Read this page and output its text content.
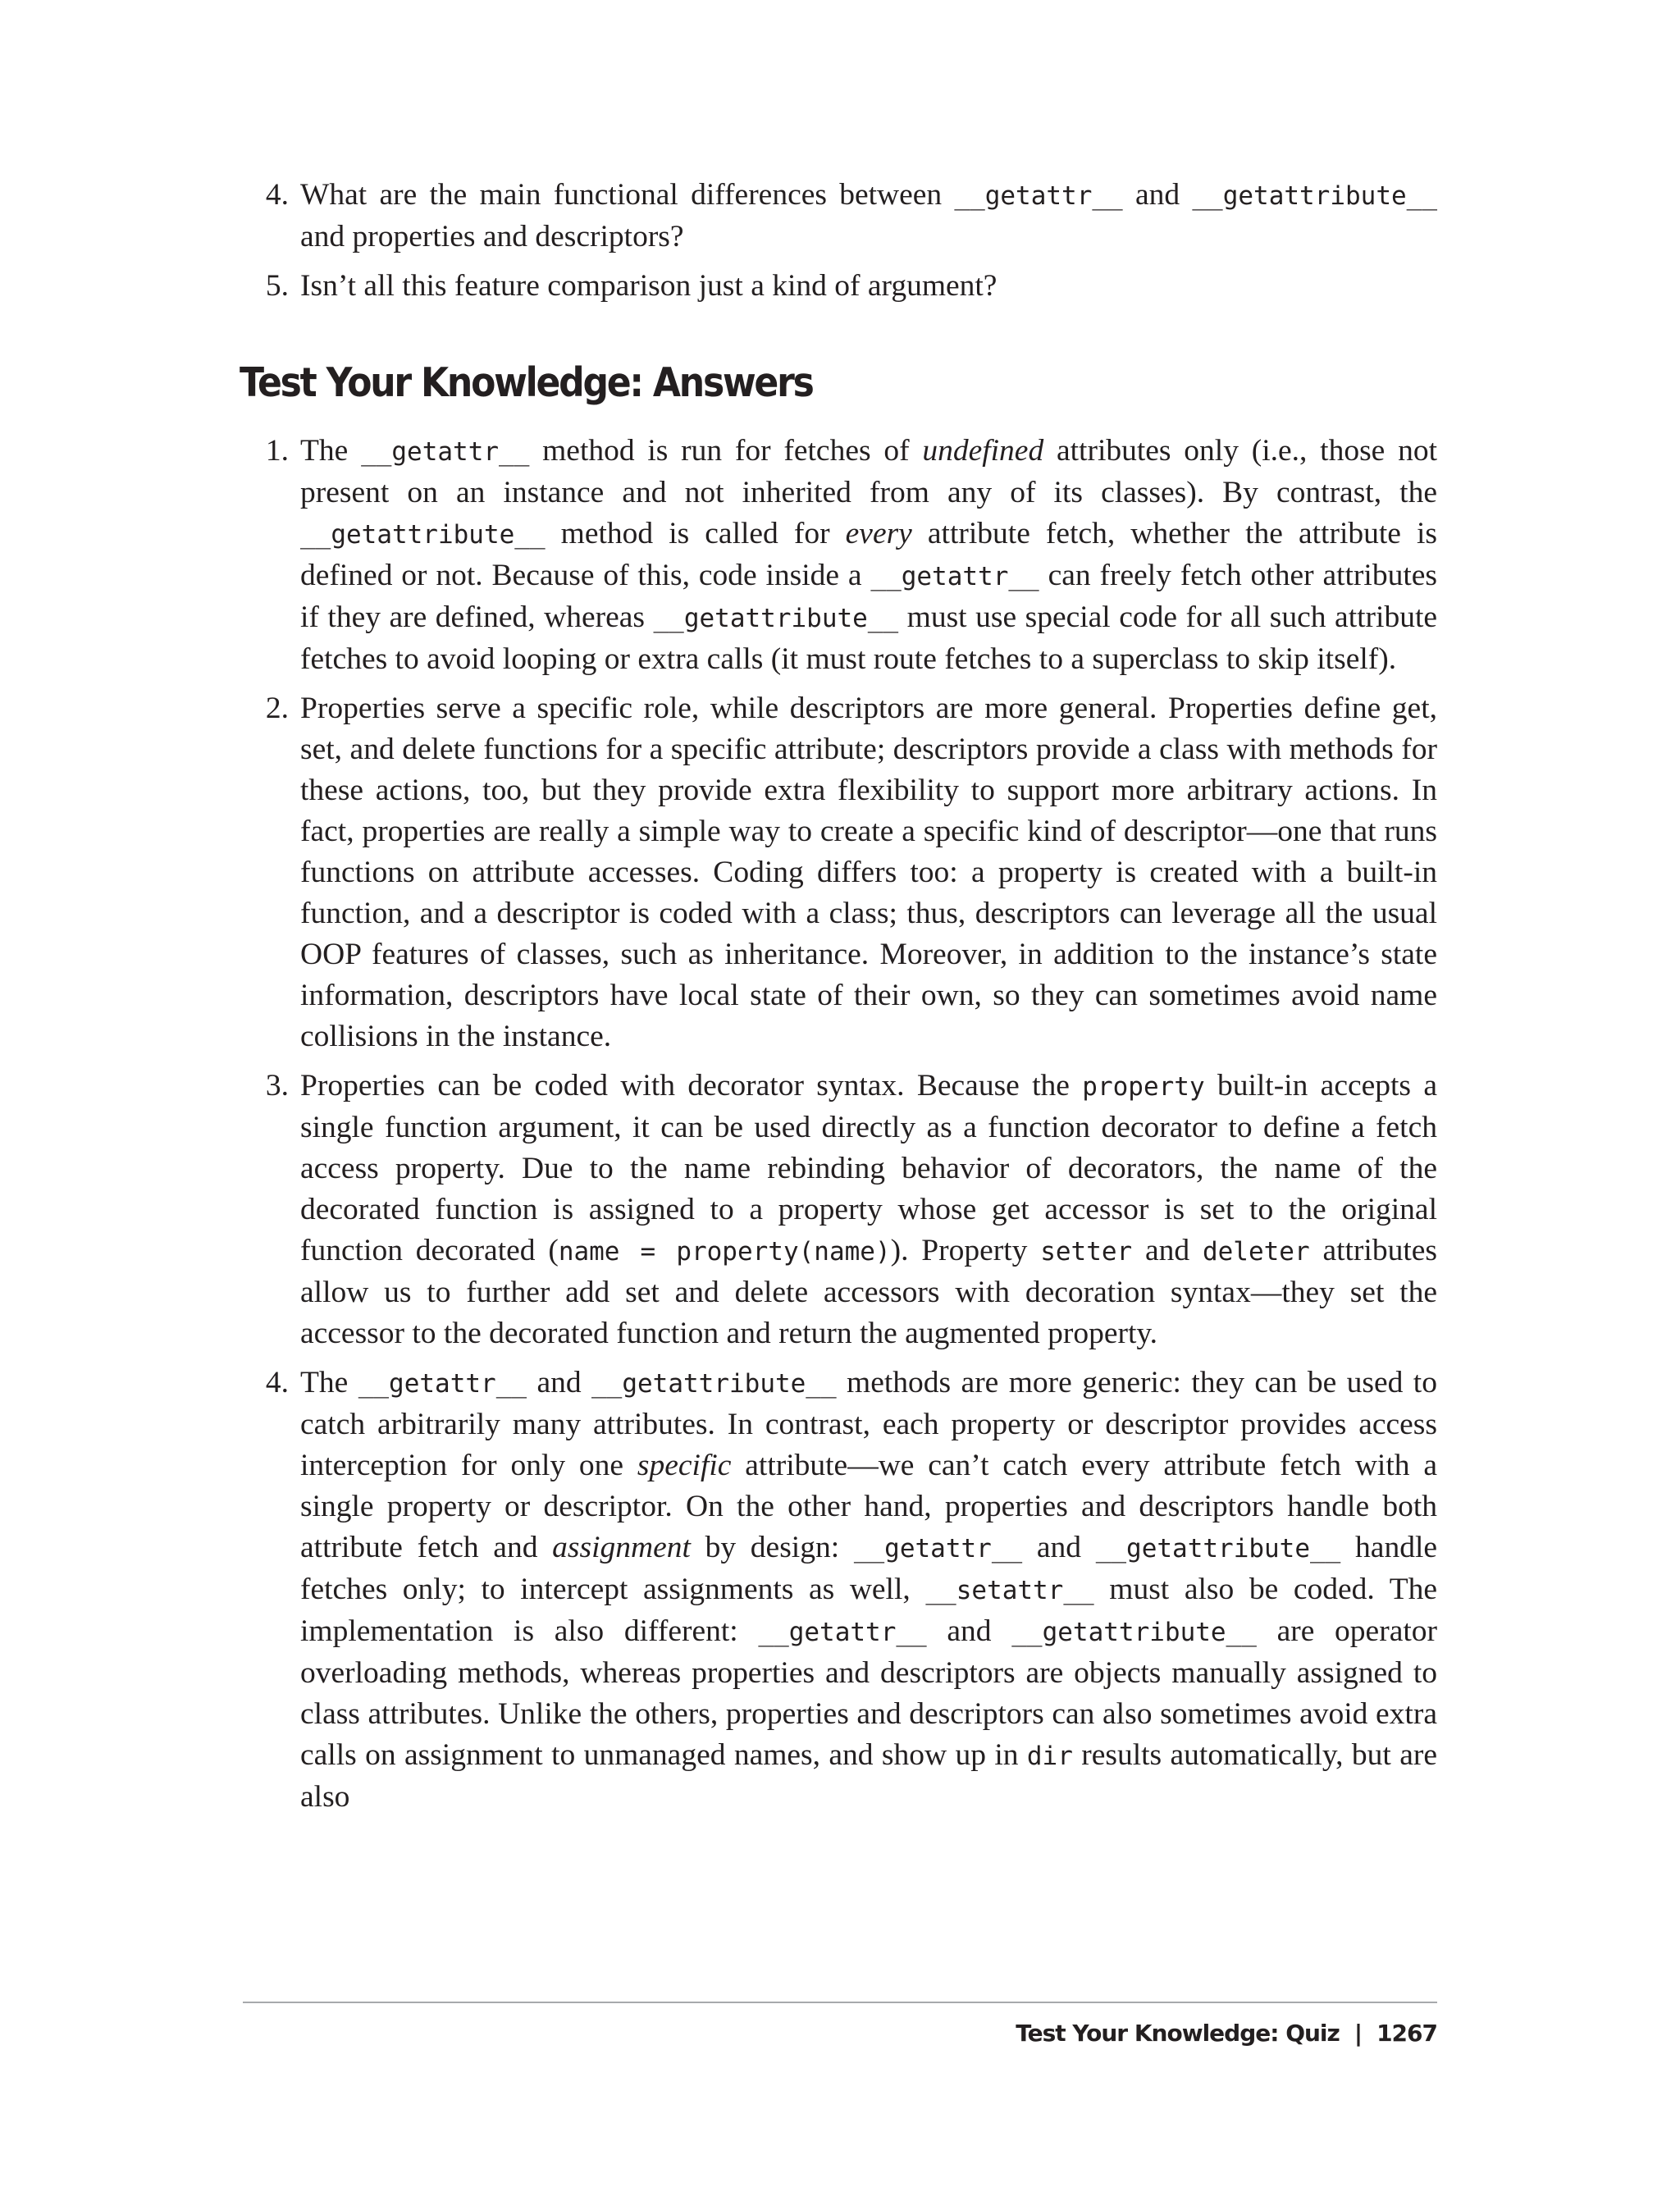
4. What are the main functional differences between __getattr__ and __getattribute__ and properties and descriptors?
5. Isn’t all this feature comparison just a kind of argument?
Test Your Knowledge: Answers
1. The __getattr__ method is run for fetches of undefined attributes only (i.e., those not present on an instance and not inherited from any of its classes). By contrast, the __getattribute__ method is called for every attribute fetch, whether the attribute is defined or not. Because of this, code inside a __getattr__ can freely fetch other attributes if they are defined, whereas __getattribute__ must use special code for all such attribute fetches to avoid looping or extra calls (it must route fetches to a superclass to skip itself).
2. Properties serve a specific role, while descriptors are more general. Properties define get, set, and delete functions for a specific attribute; descriptors provide a class with methods for these actions, too, but they provide extra flexibility to support more arbitrary actions. In fact, properties are really a simple way to create a specific kind of descriptor—one that runs functions on attribute accesses. Coding differs too: a property is created with a built-in function, and a descriptor is coded with a class; thus, descriptors can leverage all the usual OOP features of classes, such as inheritance. Moreover, in addition to the instance’s state information, descriptors have local state of their own, so they can sometimes avoid name collisions in the instance.
3. Properties can be coded with decorator syntax. Because the property built-in accepts a single function argument, it can be used directly as a function decorator to define a fetch access property. Due to the name rebinding behavior of decorators, the name of the decorated function is assigned to a property whose get accessor is set to the original function decorated (name = property(name)). Property setter and deleter attributes allow us to further add set and delete accessors with decoration syntax—they set the accessor to the decorated function and return the augmented property.
4. The __getattr__ and __getattribute__ methods are more generic: they can be used to catch arbitrarily many attributes. In contrast, each property or descriptor provides access interception for only one specific attribute—we can’t catch every attribute fetch with a single property or descriptor. On the other hand, properties and descriptors handle both attribute fetch and assignment by design: __getattr__ and __getattribute__ handle fetches only; to intercept assignments as well, __setattr__ must also be coded. The implementation is also different: __getattr__ and __getattribute__ are operator overloading methods, whereas properties and descriptors are objects manually assigned to class attributes. Unlike the others, properties and descriptors can also sometimes avoid extra calls on assignment to unmanaged names, and show up in dir results automatically, but are also
Test Your Knowledge: Quiz | 1267
